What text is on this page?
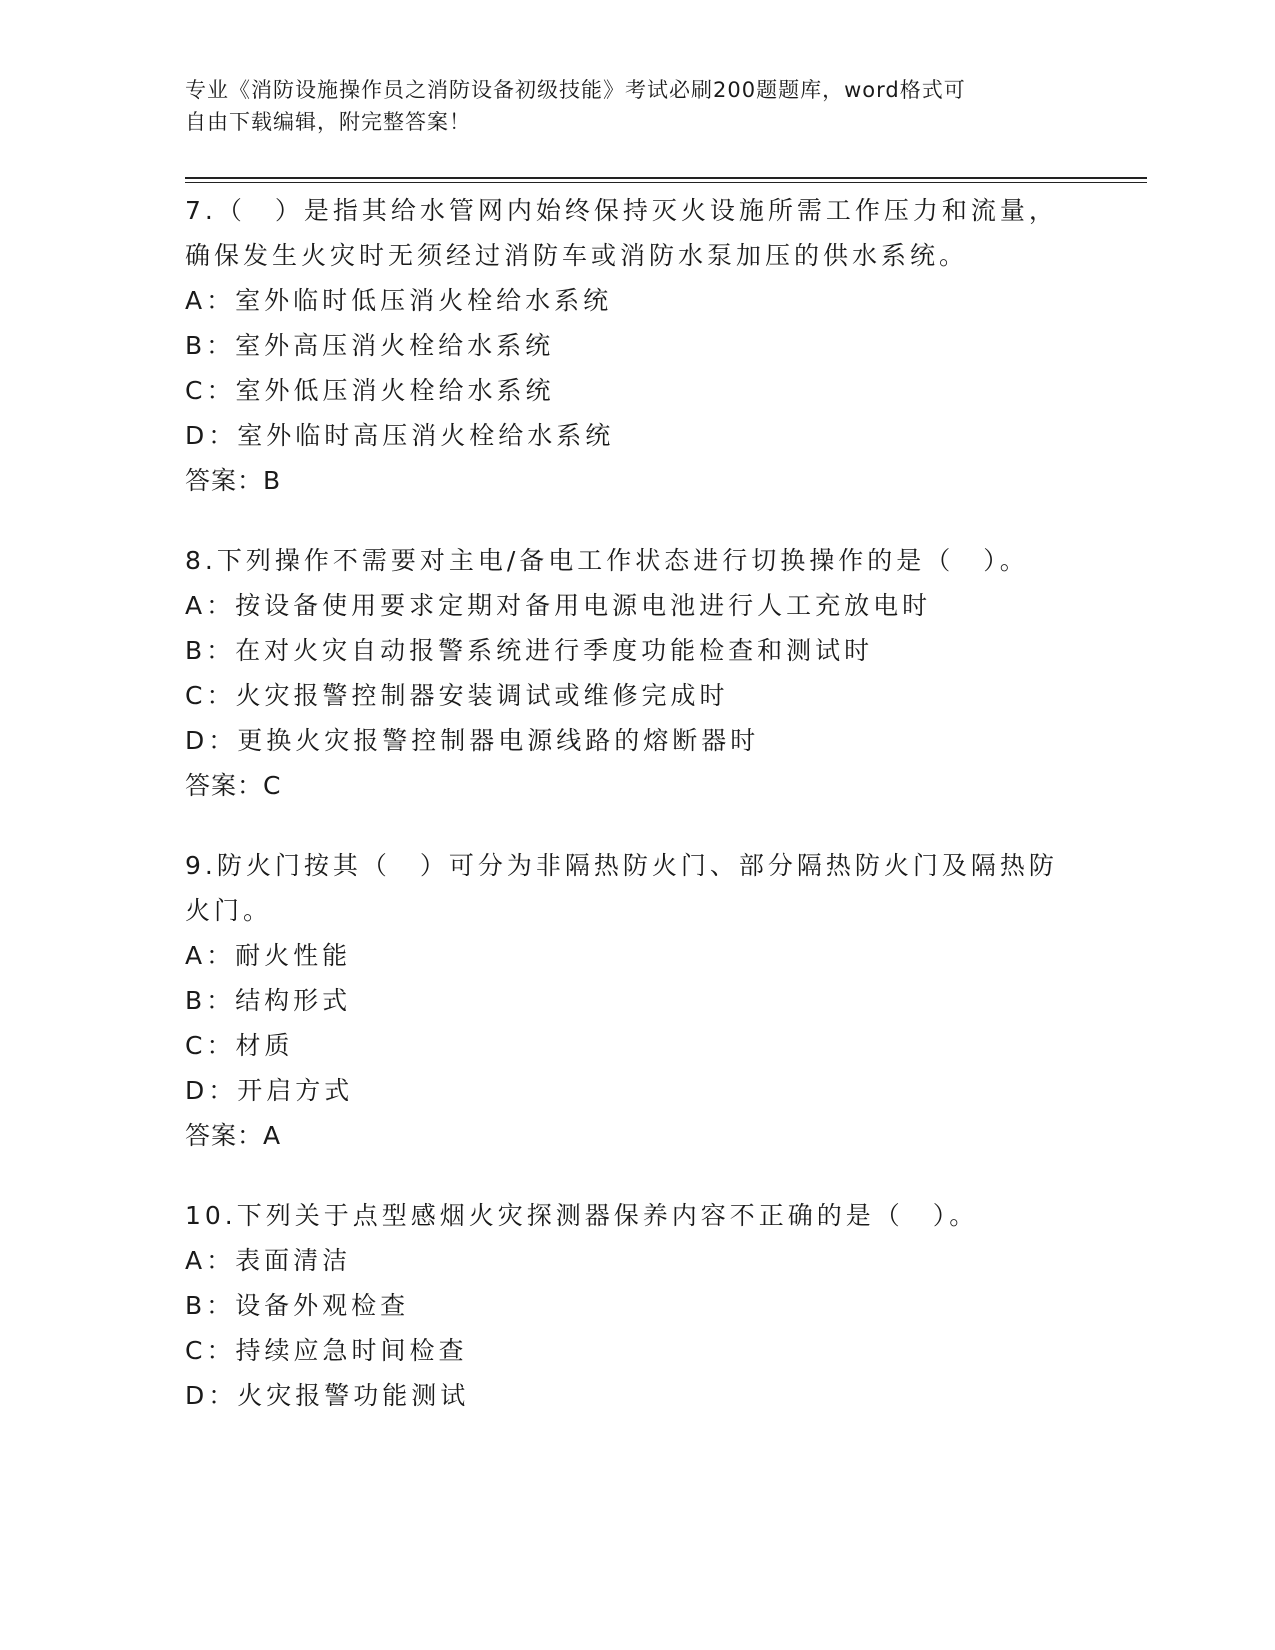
专业《消防设施操作员之消防设备初级技能》考试必刷200题题库，word格式可
自由下载编辑，附完整答案！
7.（　）是指其给水管网内始终保持灭火设施所需工作压力和流量，
确保发生火灾时无须经过消防车或消防水泵加压的供水系统。
A：室外临时低压消火栓给水系统
B：室外高压消火栓给水系统
C：室外低压消火栓给水系统
D：室外临时高压消火栓给水系统
答案：B
8.下列操作不需要对主电/备电工作状态进行切换操作的是（　）。
A：按设备使用要求定期对备用电源电池进行人工充放电时
B：在对火灾自动报警系统进行季度功能检查和测试时
C：火灾报警控制器安装调试或维修完成时
D：更换火灾报警控制器电源线路的熔断器时
答案：C
9.防火门按其（　）可分为非隔热防火门、部分隔热防火门及隔热防
火门。
A：耐火性能
B：结构形式
C：材质
D：开启方式
答案：A
10.下列关于点型感烟火灾探测器保养内容不正确的是（　）。
A：表面清洁
B：设备外观检查
C：持续应急时间检查
D：火灾报警功能测试
